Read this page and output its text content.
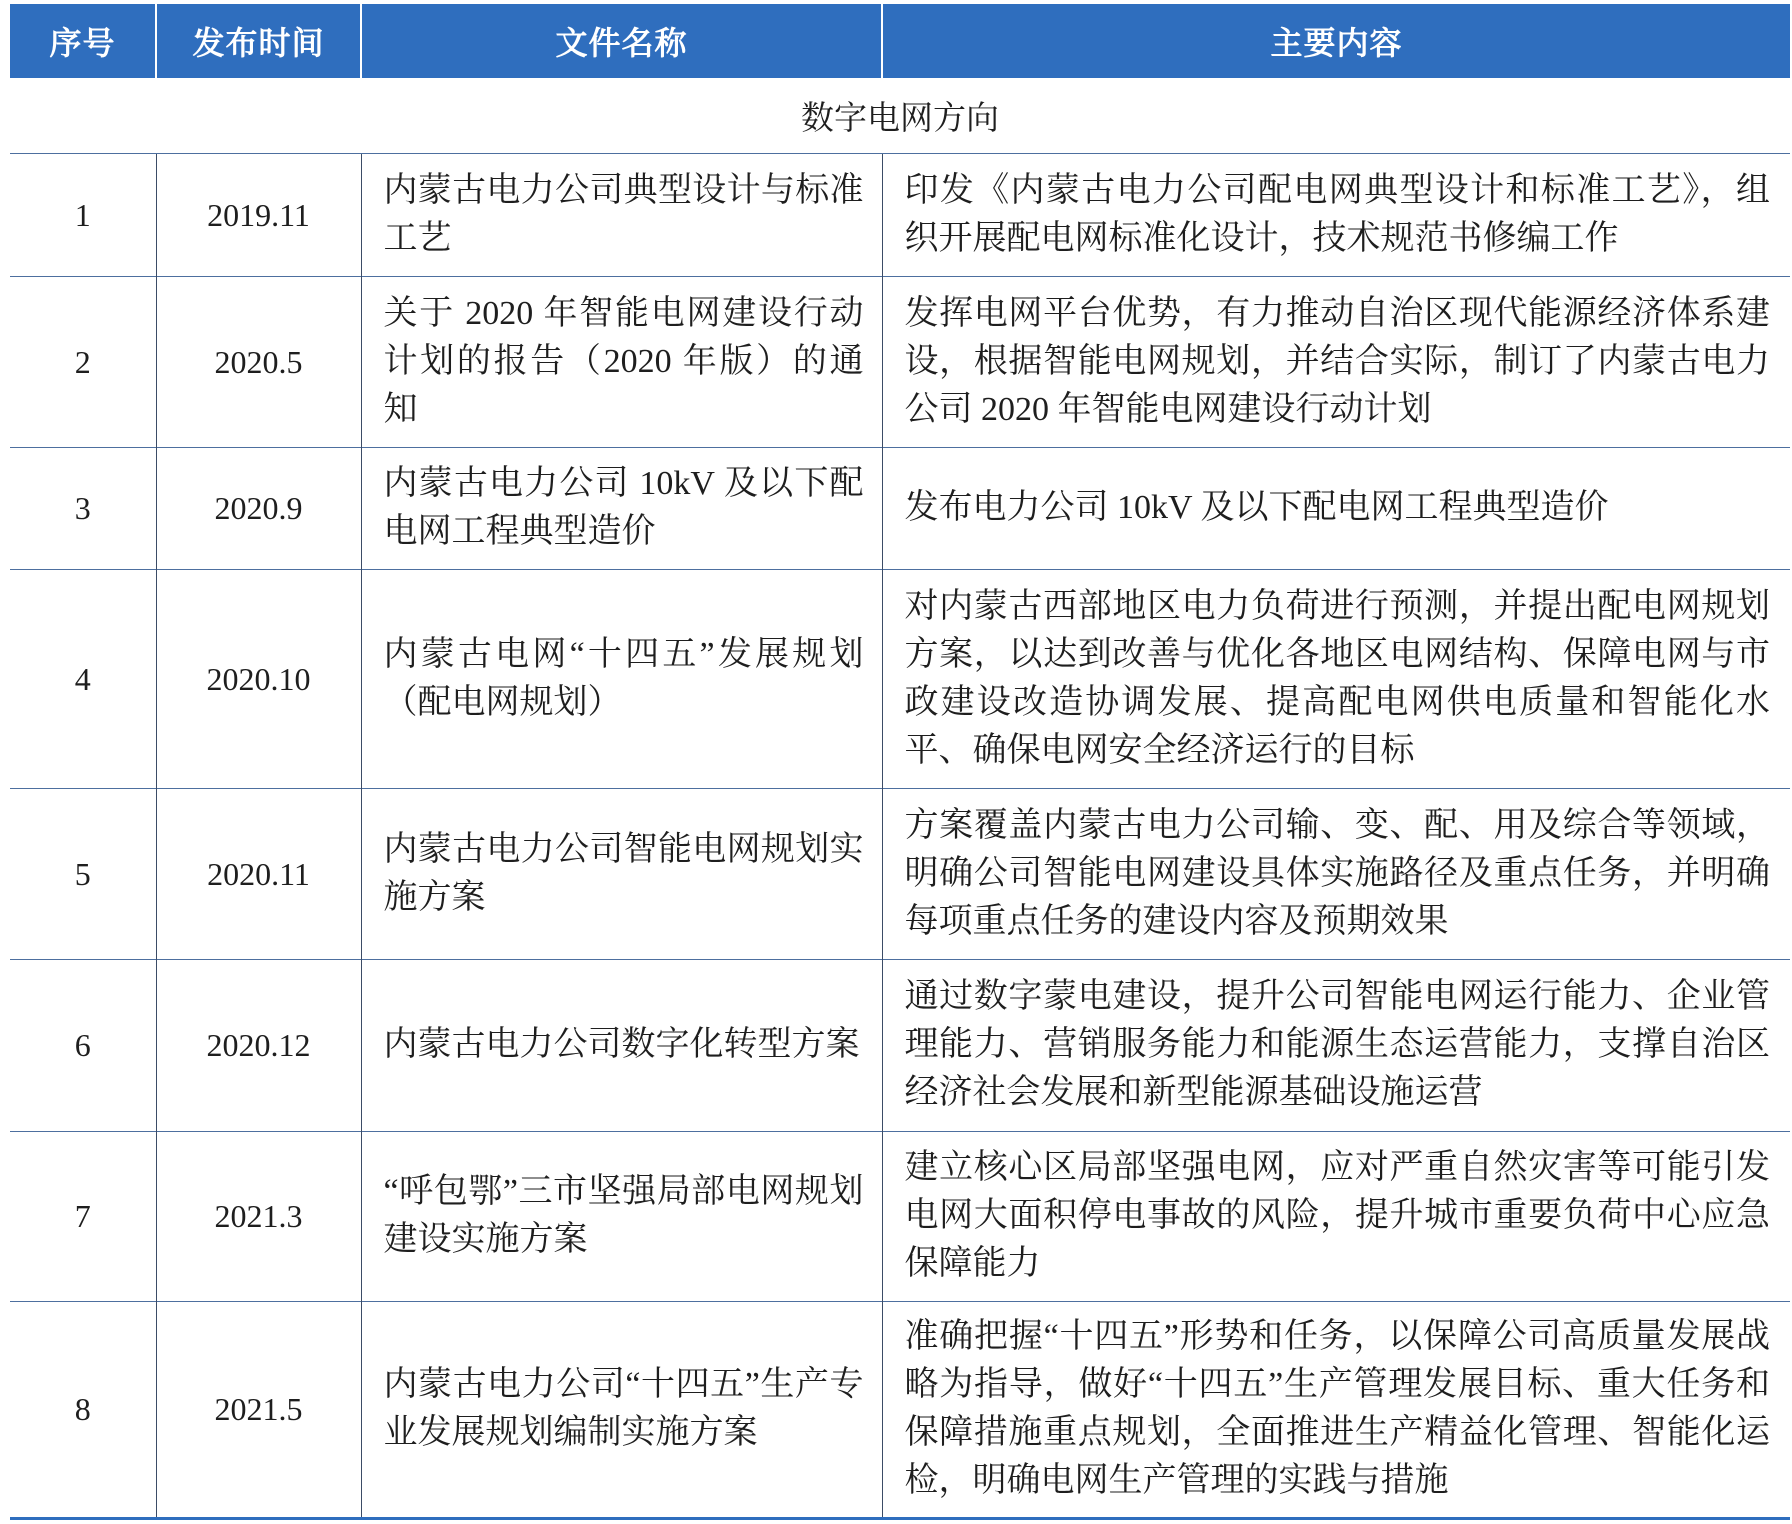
序号	发布时间	文件名称	主要内容
数字电网方向			
1	2019.11	内蒙古电力公司典型设计与标准工艺	印发《内蒙古电力公司配电网典型设计和标准工艺》，组织开展配电网标准化设计，技术规范书修编工作
2	2020.5	关于 2020 年智能电网建设行动计划的报告（2020 年版）的通知	发挥电网平台优势，有力推动自治区现代能源经济体系建设，根据智能电网规划，并结合实际，制订了内蒙古电力公司 2020 年智能电网建设行动计划
3	2020.9	内蒙古电力公司 10kV 及以下配电网工程典型造价	发布电力公司 10kV 及以下配电网工程典型造价
4	2020.10	内蒙古电网“十四五”发展规划（配电网规划）	对内蒙古西部地区电力负荷进行预测，并提出配电网规划方案，以达到改善与优化各地区电网结构、保障电网与市政建设改造协调发展、提高配电网供电质量和智能化水平、确保电网安全经济运行的目标
5	2020.11	内蒙古电力公司智能电网规划实施方案	方案覆盖内蒙古电力公司输、变、配、用及综合等领域，明确公司智能电网建设具体实施路径及重点任务，并明确每项重点任务的建设内容及预期效果
6	2020.12	内蒙古电力公司数字化转型方案	通过数字蒙电建设，提升公司智能电网运行能力、企业管理能力、营销服务能力和能源生态运营能力，支撑自治区经济社会发展和新型能源基础设施运营
7	2021.3	“呼包鄂”三市坚强局部电网规划建设实施方案	建立核心区局部坚强电网，应对严重自然灾害等可能引发电网大面积停电事故的风险，提升城市重要负荷中心应急保障能力
8	2021.5	内蒙古电力公司“十四五”生产专业发展规划编制实施方案	准确把握“十四五”形势和任务，以保障公司高质量发展战略为指导，做好“十四五”生产管理发展目标、重大任务和保障措施重点规划，全面推进生产精益化管理、智能化运检，明确电网生产管理的实践与措施
